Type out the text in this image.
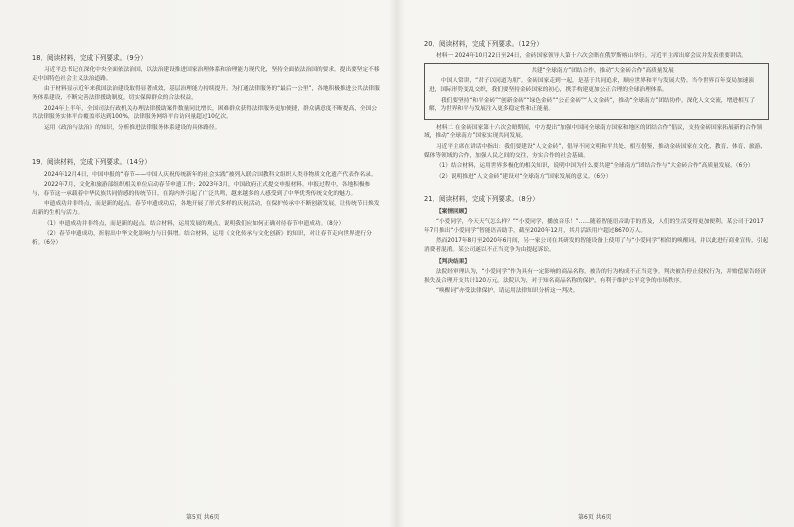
18．阅读材料，完成下列要求。（9分）

习近平总书记在深化中央全面依法治国，以法治建设推进国家治理体系和治理能力现代化，坚持全面依法治国的要求，提出要坚定不移走中国特色社会主义法治道路。

由于材料显示近年来我国法治建设取得显著成效，基层治理能力持续提升。为打通法律服务的“最后一公里”，各地积极推进公共法律服务体系建设，不断完善法律援助制度，切实保障群众的合法权益。

2024年上半年，全国司法行政机关办理法律援助案件数量同比增长，困难群众获得法律服务更加便捷，群众满意度不断提高，全国公共法律服务实体平台覆盖率达到100%，法律服务网络平台访问量超过10亿次。

运用《政治与法治》的知识，分析推进法律服务体系建设的具体路径。

19．阅读材料，完成下列要求。（14分）

2024年12月4日，中国申报的“春节——中国人庆祝传统新年的社会实践”被列入联合国教科文组织人类非物质文化遗产代表作名录。

2022年7月，文化和旅游部组织相关单位启动春节申遗工作；2023年3月，中国政府正式提交申报材料。申报过程中，各地积极参与，春节这一承载着中华民族共同情感的传统节日，在海内外引起了广泛共鸣，越来越多的人感受到了中华优秀传统文化的魅力。

申遗成功并非终点，而是新的起点。春节申遗成功后，各地开展了形式多样的庆祝活动，在保护传承中不断创新发展，让传统节日焕发出新的生机与活力。

（1）申遗成功并非终点，而是新的起点。结合材料，运用发展的观点，说明我们应如何正确对待春节申遗成功。（8分）

（2）春节申遗成功，折射出中华文化影响力与日俱增。结合材料，运用《文化传承与文化创新》的知识，对让春节走向世界进行分析。（6分）

20．阅读材料，完成下列要求。（12分）

材料一 2024年10月22日至24日，金砖国家领导人第十六次会晤在俄罗斯喀山举行。习近平主席出席会议并发表重要讲话。

共建“全球南方”团结合作，推动“大金砖合作”高质量发展

中国人常讲，“君子以同道为朋”。金砖国家走到一起，是基于共同追求，顺应世界和平与发展大势。当今世界百年变局加速演进，国际形势变乱交织，我们要坚持金砖国家的初心，携手构建更加公正合理的全球治理体系。

我们要坚持“和平金砖”“创新金砖”“绿色金砖”“公正金砖”“人文金砖”，推动“全球南方”团结协作，深化人文交流，增进相互了解，为世界和平与发展注入更多稳定性和正能量。

材料二 在金砖国家第十六次会晤期间，中方提出“加强中国同全球南方国家和地区的团结合作”倡议，支持金砖国家拓展新的合作领域，推动“全球南方”国家实现共同发展。

习近平主席在讲话中指出：我们要建设“人文金砖”，倡导不同文明和平共处、相互借鉴，推动金砖国家在文化、教育、体育、旅游、媒体等领域的合作，加强人民之间的交往，夯实合作的社会基础。

（1）结合材料，运用世界多极化的相关知识，说明中国为什么要共建“全球南方”团结合作与“大金砖合作”高质量发展。（6分）

（2）说明推进“人文金砖”建设对“全球南方”国家发展的意义。（6分）

21．阅读材料，完成下列要求。（8分）
【案情回顾】

“小爱同学，今天天气怎么样？”“小爱同学，播放音乐！”……随着智能语音助手的普及，人们的生活变得更加便利。某公司于2017年7月推出“小爱同学”智能语音助手，截至2020年12月，其月活跃用户超过8670万人。

然而2017年8月至2020年6月间，另一家公司在其研发的智能设备上使用了与“小爱同学”相似的唤醒词，并以此进行商业宣传，引起消费者混淆。某公司遂以不正当竞争为由提起诉讼。

【判决结果】

法院经审理认为，“小爱同学”作为具有一定影响的商品名称，被告的行为构成不正当竞争。判决被告停止侵权行为，并赔偿原告经济损失及合理开支共计120万元。法院认为，对于知名商品名称的保护，有利于维护公平竞争的市场秩序。

“唤醒词”亦受法律保护。请运用法律知识分析这一判决。

第5页 共6页	第6页 共6页
